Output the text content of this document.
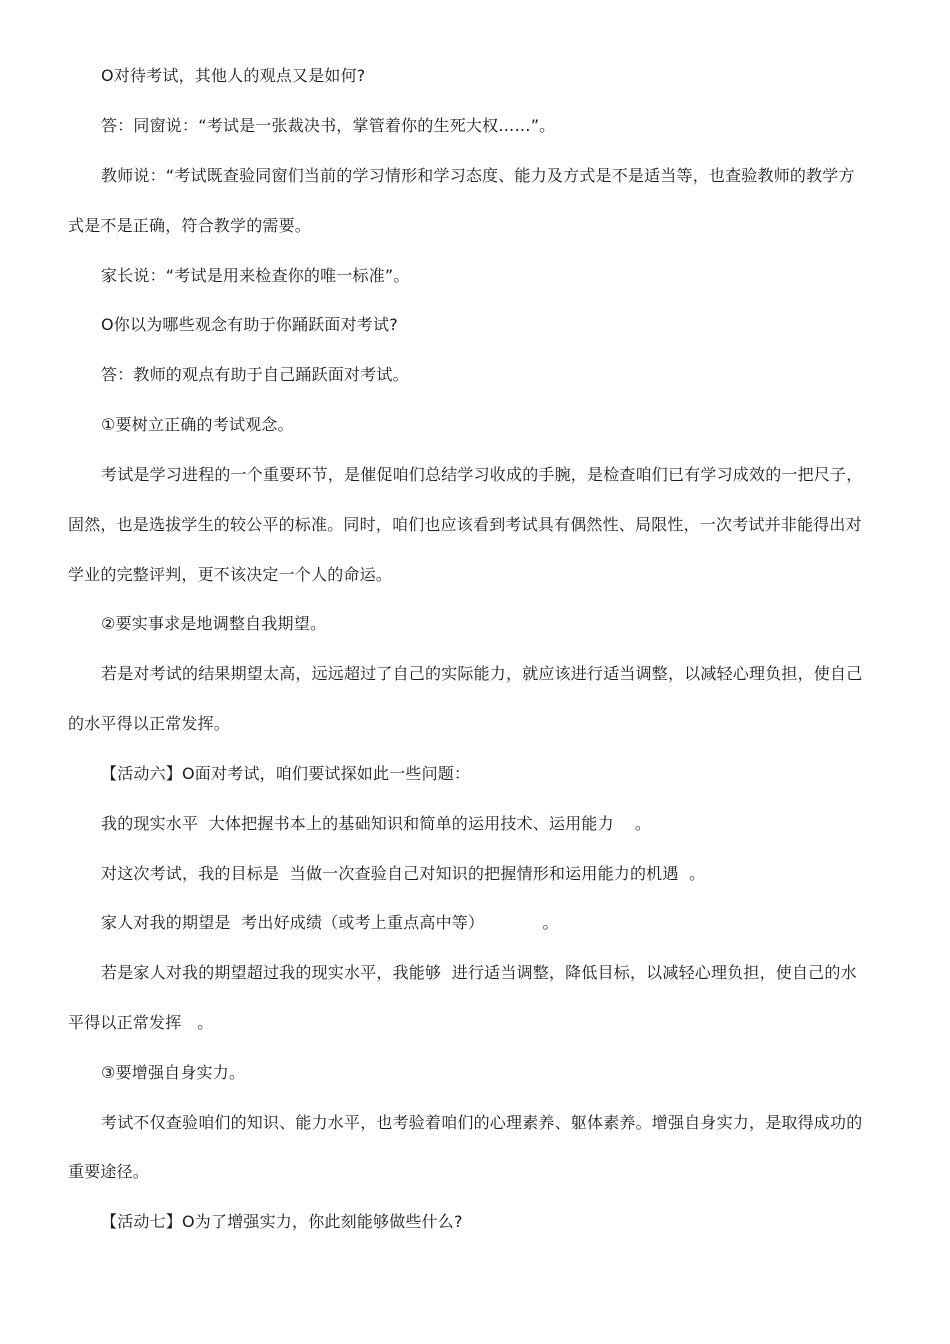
O对待考试，其他人的观点又是如何?
答：同窗说：“考试是一张裁决书，掌管着你的生死大权……”。
教师说：“考试既查验同窗们当前的学习情形和学习态度、能力及方式是不是适当等，也查验教师的教学方
式是不是正确，符合教学的需要。
家长说：“考试是用来检查你的唯一标准”。
O你以为哪些观念有助于你踊跃面对考试?
答：教师的观点有助于自己踊跃面对考试。
①要树立正确的考试观念。
考试是学习进程的一个重要环节，是催促咱们总结学习收成的手腕，是检查咱们已有学习成效的一把尺子，
固然，也是选拔学生的较公平的标准。同时，咱们也应该看到考试具有偶然性、局限性，一次考试并非能得出对
学业的完整评判，更不该决定一个人的命运。
②要实事求是地调整自我期望。
若是对考试的结果期望太高，远远超过了自己的实际能力，就应该进行适当调整，以减轻心理负担，使自己
的水平得以正常发挥。
【活动六】O面对考试，咱们要试探如此一些问题：
我的现实水平  大体把握书本上的基础知识和简单的运用技术、运用能力    。
对这次考试，我的目标是  当做一次查验自己对知识的把握情形和运用能力的机遇  。
家人对我的期望是  考出好成绩（或考上重点高中等）           。
若是家人对我的期望超过我的现实水平，我能够  进行适当调整，降低目标，以减轻心理负担，使自己的水
平得以正常发挥   。
③要增强自身实力。
考试不仅查验咱们的知识、能力水平，也考验着咱们的心理素养、躯体素养。增强自身实力，是取得成功的
重要途径。
【活动七】O为了增强实力，你此刻能够做些什么?
